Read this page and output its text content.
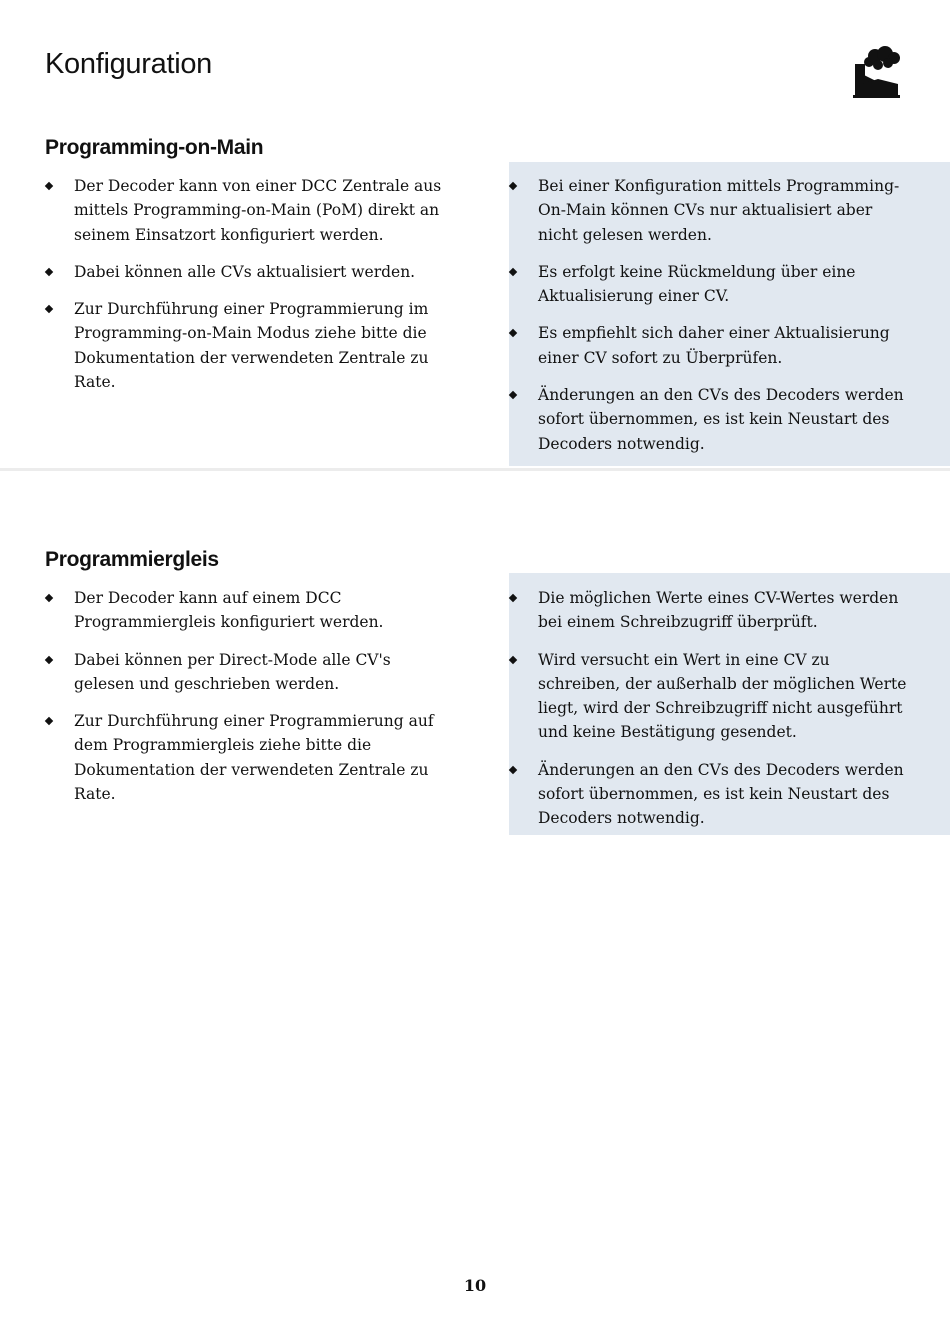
Konfiguration
Programming-on-Main
Der Decoder kann von einer DCC Zentrale aus mittels Programming-on-Main (PoM) direkt an seinem Einsatzort konfiguriert werden.
Dabei können alle CVs aktualisiert werden.
Zur Durchführung einer Programmierung im Programming-on-Main Modus ziehe bitte die Dokumentation der verwendeten Zentrale zu Rate.
Bei einer Konfiguration mittels Programming-On-Main können CVs nur aktualisiert aber nicht gelesen werden.
Es erfolgt keine Rückmeldung über eine Aktualisierung einer CV.
Es empfiehlt sich daher einer Aktualisierung einer CV sofort zu Überprüfen.
Änderungen an den CVs des Decoders werden sofort übernommen, es ist kein Neustart des Decoders notwendig.
Programmiergleis
Der Decoder kann auf einem DCC Programmiergleis konfiguriert werden.
Dabei können per Direct-Mode alle CV's gelesen und geschrieben werden.
Zur Durchführung einer Programmierung auf dem Programmiergleis ziehe bitte die Dokumentation der verwendeten Zentrale zu Rate.
Die möglichen Werte eines CV-Wertes werden bei einem Schreibzugriff überprüft.
Wird versucht ein Wert in eine CV zu schreiben, der außerhalb der möglichen Werte liegt, wird der Schreibzugriff nicht ausgeführt und keine Bestätigung gesendet.
Änderungen an den CVs des Decoders werden sofort übernommen, es ist kein Neustart des Decoders notwendig.
10
